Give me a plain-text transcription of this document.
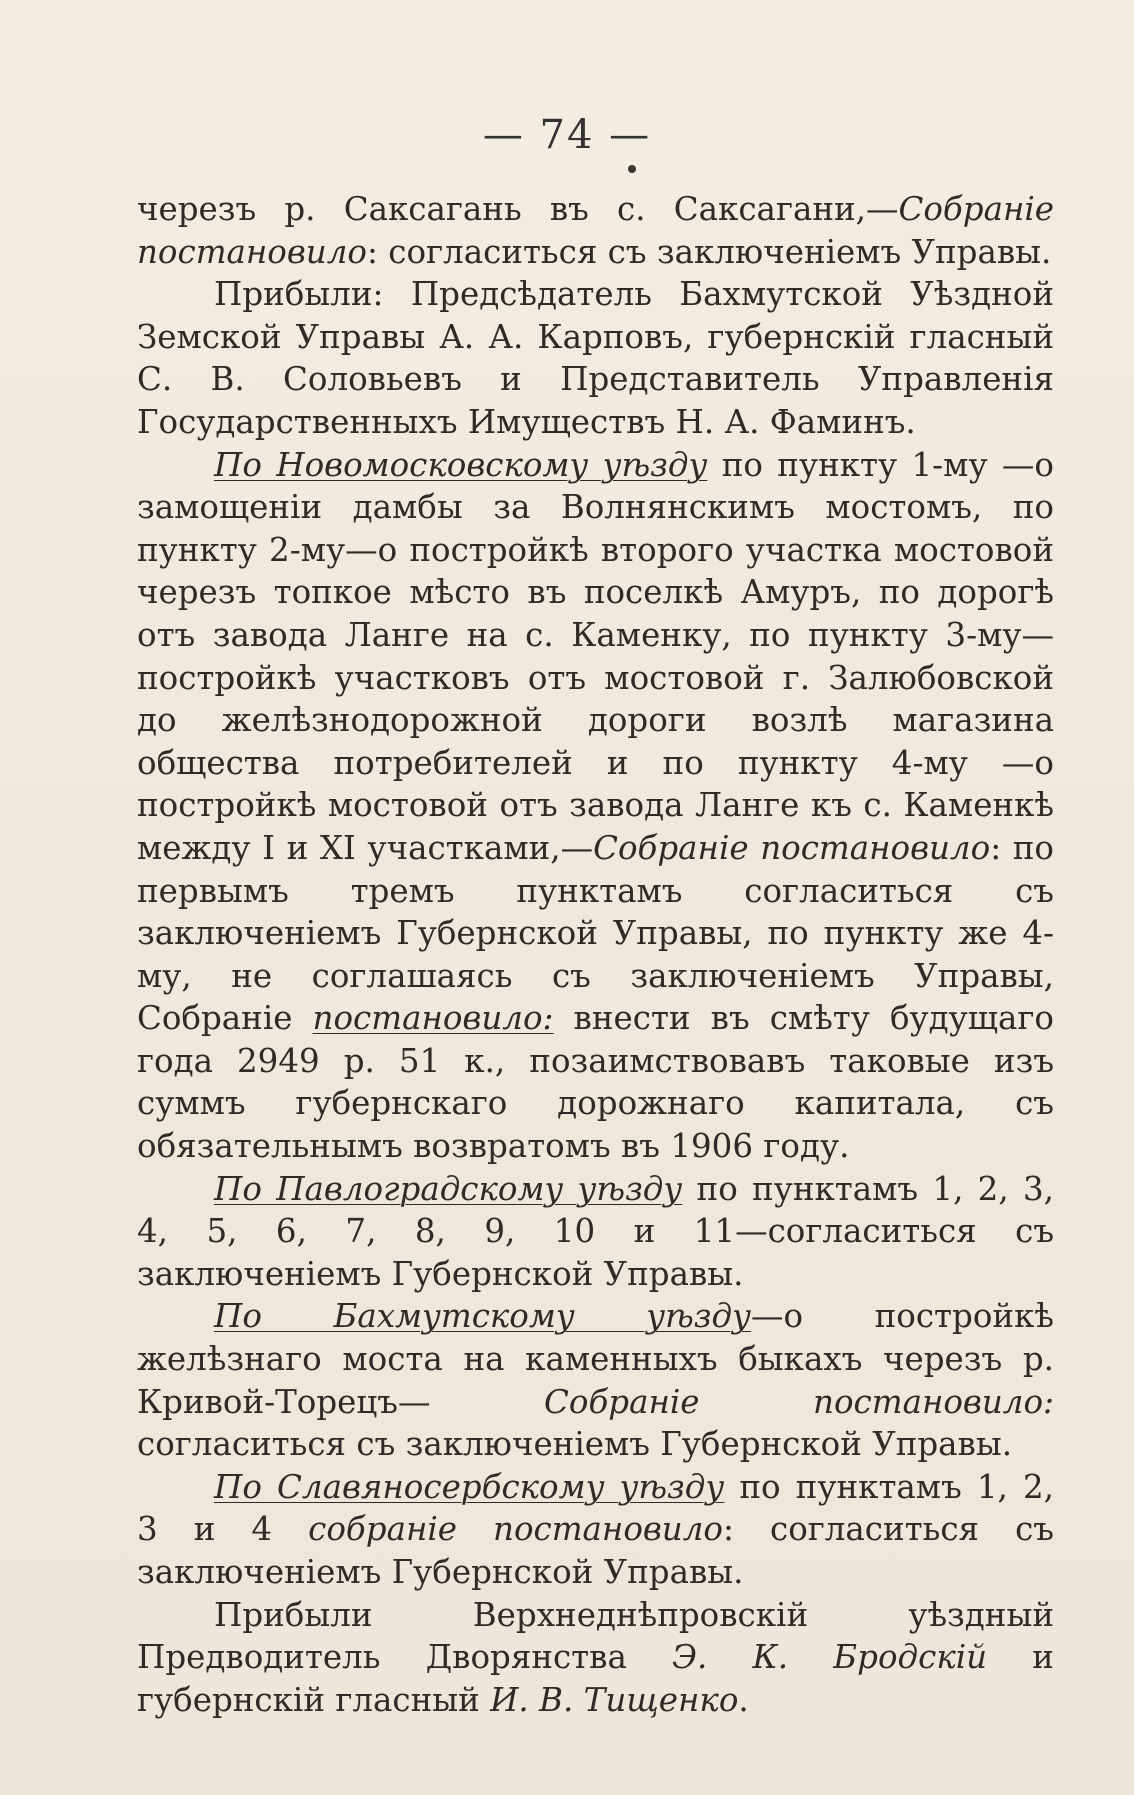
— 74 —

черезъ р. Саксагань въ с. Саксагани,—Собраніе постановило: согласиться съ заключеніемъ Управы.

Прибыли: Предсѣдатель Бахмутской Уѣздной Земской Управы А. А. Карповъ, губернскій гласный С. В. Соловьевъ и Представитель Управленія Государственныхъ Имуществъ Н. А. Фаминъ.

По Новомосковскому уѣзду по пункту 1-му —о замощеніи дамбы за Волнянскимъ мостомъ, по пункту 2-му—о постройкѣ второго участка мостовой черезъ топкое мѣсто въ поселкѣ Амуръ, по дорогѣ отъ завода Ланге на с. Каменку, по пункту 3-му—постройкѣ участковъ отъ мостовой г. Залюбовской до желѣзнодорожной дороги возлѣ магазина общества потребителей и по пункту 4-му —о постройкѣ мостовой отъ завода Ланге къ с. Каменкѣ между I и XI участками,—Собраніе постановило: по первымъ тремъ пунктамъ согласиться съ заключеніемъ Губернской Управы, по пункту же 4-му, не соглашаясь съ заключеніемъ Управы, Собраніе постановило: внести въ смѣту будущаго года 2949 р. 51 к., позаимствовавъ таковые изъ суммъ губернскаго дорожнаго капитала, съ обязательнымъ возвратомъ въ 1906 году.

По Павлоградскому уѣзду по пунктамъ 1, 2, 3, 4, 5, 6, 7, 8, 9, 10 и 11—согласиться съ заключеніемъ Губернской Управы.

По Бахмутскому уѣзду—о постройкѣ желѣзнаго моста на каменныхъ быкахъ черезъ р. Кривой-Торецъ— Собраніе постановило: согласиться съ заключеніемъ Губернской Управы.

По Славяносербскому уѣзду по пунктамъ 1, 2, 3 и 4 собраніе постановило: согласиться съ заключеніемъ Губернской Управы.

Прибыли Верхнеднѣпровскій уѣздный Предводитель Дворянства Э. К. Бродскій и губернскій гласный И. В. Тищенко.
